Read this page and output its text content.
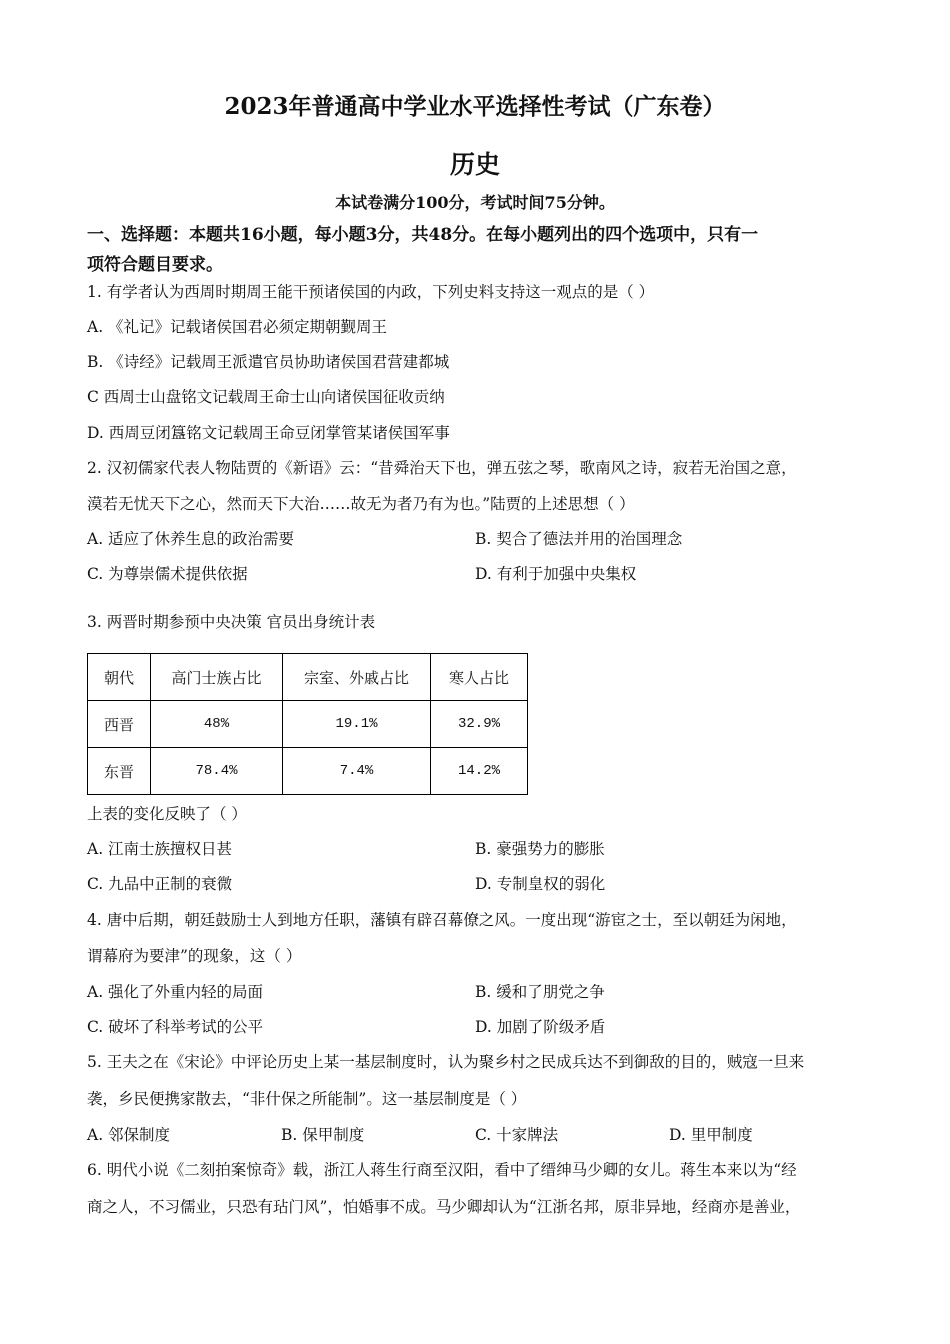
2023年普通高中学业水平选择性考试（广东卷）
历史
本试卷满分100分，考试时间75分钟。
一、选择题：本题共16小题，每小题3分，共48分。在每小题列出的四个选项中，只有一
项符合题目要求。
1. 有学者认为西周时期周王能干预诸侯国的内政，下列史料支持这一观点的是（ ）
A. 《礼记》记载诸侯国君必须定期朝觐周王
B. 《诗经》记载周王派遣官员协助诸侯国君营建都城
C 西周士山盘铭文记载周王命士山向诸侯国征收贡纳
D. 西周豆闭簋铭文记载周王命豆闭掌管某诸侯国军事
2. 汉初儒家代表人物陆贾的《新语》云：“昔舜治天下也，弹五弦之琴，歌南风之诗，寂若无治国之意，
漠若无忧天下之心，然而天下大治……故无为者乃有为也。”陆贾的上述思想（ ）
A. 适应了休养生息的政治需要	B. 契合了德法并用的治国理念
C. 为尊崇儒术提供依据	D. 有利于加强中央集权
3. 两晋时期参预中央决策 官员出身统计表
朝代	高门士族占比	宗室、外戚占比	寒人占比
西晋	48%	19.1%	32.9%
东晋	78.4%	7.4%	14.2%
上表的变化反映了（ ）
A. 江南士族擅权日甚	B. 豪强势力的膨胀
C. 九品中正制的衰微	D. 专制皇权的弱化
4. 唐中后期，朝廷鼓励士人到地方任职，藩镇有辟召幕僚之风。一度出现“游宦之士，至以朝廷为闲地，
谓幕府为要津”的现象，这（ ）
A. 强化了外重内轻的局面	B. 缓和了朋党之争
C. 破坏了科举考试的公平	D. 加剧了阶级矛盾
5. 王夫之在《宋论》中评论历史上某一基层制度时，认为聚乡村之民成兵达不到御敌的目的，贼寇一旦来
袭，乡民便携家散去，“非什保之所能制”。这一基层制度是（ ）
A. 邻保制度	B. 保甲制度	C. 十家牌法	D. 里甲制度
6. 明代小说《二刻拍案惊奇》载，浙江人蒋生行商至汉阳，看中了缙绅马少卿的女儿。蒋生本来以为“经
商之人，不习儒业，只恐有玷门风”，怕婚事不成。马少卿却认为“江浙名邦，原非异地，经商亦是善业，
